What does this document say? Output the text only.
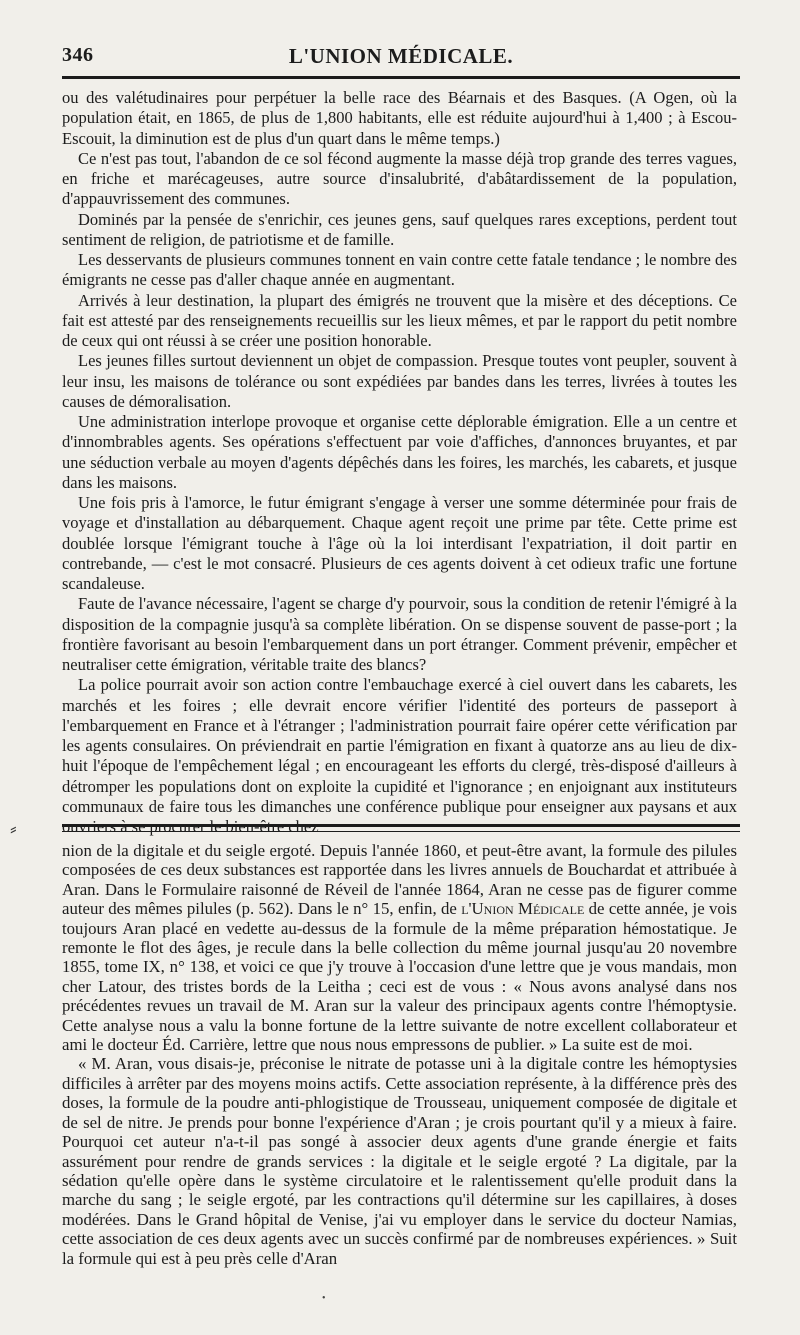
346	L'UNION MÉDICALE.

ou des valétudinaires pour perpétuer la belle race des Béarnais et des Basques. (A Ogen, où la population était, en 1865, de plus de 1,800 habitants, elle est réduite aujourd'hui à 1,400 ; à Escou-Escouit, la diminution est de plus d'un quart dans le même temps.)

Ce n'est pas tout, l'abandon de ce sol fécond augmente la masse déjà trop grande des terres vagues, en friche et marécageuses, autre source d'insalubrité, d'abâtardissement de la population, d'appauvrissement des communes.

Dominés par la pensée de s'enrichir, ces jeunes gens, sauf quelques rares exceptions, perdent tout sentiment de religion, de patriotisme et de famille.

Les desservants de plusieurs communes tonnent en vain contre cette fatale tendance ; le nombre des émigrants ne cesse pas d'aller chaque année en augmentant.

Arrivés à leur destination, la plupart des émigrés ne trouvent que la misère et des déceptions. Ce fait est attesté par des renseignements recueillis sur les lieux mêmes, et par le rapport du petit nombre de ceux qui ont réussi à se créer une position honorable.

Les jeunes filles surtout deviennent un objet de compassion. Presque toutes vont peupler, souvent à leur insu, les maisons de tolérance ou sont expédiées par bandes dans les terres, livrées à toutes les causes de démoralisation.

Une administration interlope provoque et organise cette déplorable émigration. Elle a un centre et d'innombrables agents. Ses opérations s'effectuent par voie d'affiches, d'annonces bruyantes, et par une séduction verbale au moyen d'agents dépêchés dans les foires, les marchés, les cabarets, et jusque dans les maisons.

Une fois pris à l'amorce, le futur émigrant s'engage à verser une somme déterminée pour frais de voyage et d'installation au débarquement. Chaque agent reçoit une prime par tête. Cette prime est doublée lorsque l'émigrant touche à l'âge où la loi interdisant l'expatriation, il doit partir en contrebande, — c'est le mot consacré. Plusieurs de ces agents doivent à cet odieux trafic une fortune scandaleuse.

Faute de l'avance nécessaire, l'agent se charge d'y pourvoir, sous la condition de retenir l'émigré à la disposition de la compagnie jusqu'à sa complète libération. On se dispense souvent de passe-port ; la frontière favorisant au besoin l'embarquement dans un port étranger. Comment prévenir, empêcher et neutraliser cette émigration, véritable traite des blancs?

La police pourrait avoir son action contre l'embauchage exercé à ciel ouvert dans les cabarets, les marchés et les foires ; elle devrait encore vérifier l'identité des porteurs de passeport à l'embarquement en France et à l'étranger ; l'administration pourrait faire opérer cette vérification par les agents consulaires. On préviendrait en partie l'émigration en fixant à quatorze ans au lieu de dix-huit l'époque de l'empêchement légal ; en encourageant les efforts du clergé, très-disposé d'ailleurs à détromper les populations dont on exploite la cupidité et l'ignorance ; en enjoignant aux instituteurs communaux de faire tous les dimanches une conférence publique pour enseigner aux paysans et aux

⸗

nion de la digitale et du seigle ergoté. Depuis l'année 1860, et peut-être avant, la formule des pilules composées de ces deux substances est rapportée dans les livres annuels de Bouchardat et attribuée à Aran. Dans le Formulaire raisonné de Réveil de l'année 1864, Aran ne cesse pas de figurer comme auteur des mêmes pilules (p. 562). Dans le n° 15, enfin, de l'Union Médicale de cette année, je vois toujours Aran placé en vedette au-dessus de la formule de la même préparation hémostatique. Je remonte le flot des âges, je recule dans la belle collection du même journal jusqu'au 20 novembre 1855, tome IX, n° 138, et voici ce que j'y trouve à l'occasion d'une lettre que je vous mandais, mon cher Latour, des tristes bords de la Leitha ; ceci est de vous : « Nous avons analysé dans nos précédentes revues un travail de M. Aran sur la valeur des principaux agents contre l'hémoptysie. Cette analyse nous a valu la bonne fortune de la lettre suivante de notre excellent collaborateur et ami le docteur Éd. Carrière, lettre que nous nous empressons de publier. » La suite est de moi.

« M. Aran, vous disais-je, préconise le nitrate de potasse uni à la digitale contre les hémoptysies difficiles à arrêter par des moyens moins actifs. Cette association représente, à la différence près des doses, la formule de la poudre anti-phlogistique de Trousseau, uniquement composée de digitale et de sel de nitre. Je prends pour bonne l'expérience d'Aran ; je crois pourtant qu'il y a mieux à faire. Pourquoi cet auteur n'a-t-il pas songé à associer deux agents d'une grande énergie et faits assurément pour rendre de grands services : la digitale et le seigle ergoté ? La digitale, par la sédation qu'elle opère dans le système circulatoire et le ralentissement qu'elle produit dans la marche du sang ; le seigle ergoté, par les contractions qu'il détermine sur les capillaires, à doses modérées. Dans le Grand hôpital de Venise, j'ai vu employer dans le service du docteur Namias, cette association de ces deux agents avec un succès confirmé par de nombreuses expériences. » Suit la formule qui est à peu près celle d'Aran

•
